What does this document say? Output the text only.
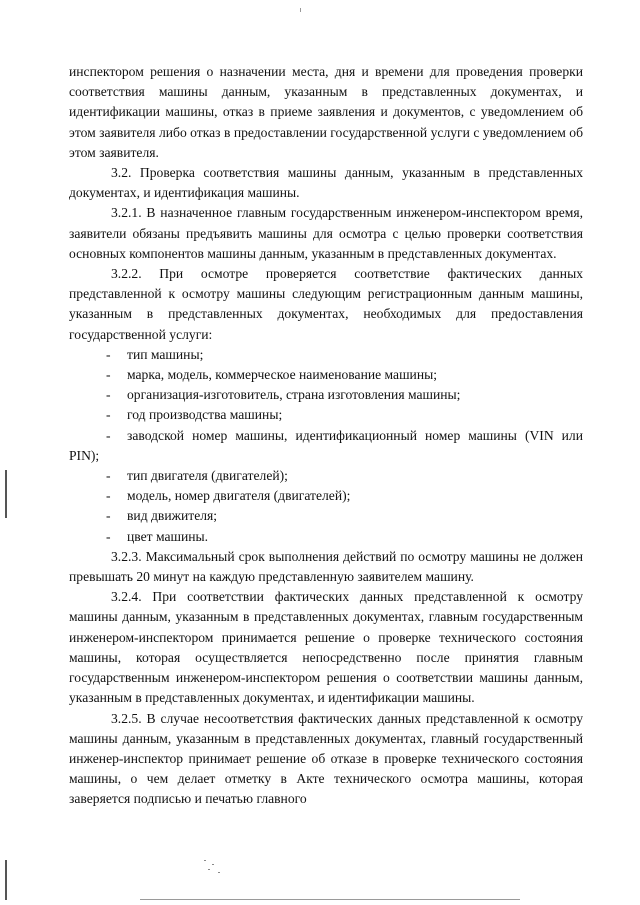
инспектором решения о назначении места, дня и времени для проведения проверки соответствия машины данным, указанным в представленных документах, и идентификации машины, отказ в приеме заявления и документов, с уведомлением об этом заявителя либо отказ в предоставлении государственной услуги с уведомлением об этом заявителя.

3.2. Проверка соответствия машины данным, указанным в представленных документах, и идентификация машины.

3.2.1. В назначенное главным государственным инженером-инспектором время, заявители обязаны предъявить машины для осмотра с целью проверки соответствия основных компонентов машины данным, указанным в представленных документах.

3.2.2. При осмотре проверяется соответствие фактических данных представленной к осмотру машины следующим регистрационным данным машины, указанным в представленных документах, необходимых для предоставления государственной услуги:

- тип машины;
- марка, модель, коммерческое наименование машины;
- организация-изготовитель, страна изготовления машины;
- год производства машины;
- заводской номер машины, идентификационный номер машины (VIN или PIN);
- тип двигателя (двигателей);
- модель, номер двигателя (двигателей);
- вид движителя;
- цвет машины.

3.2.3. Максимальный срок выполнения действий по осмотру машины не должен превышать 20 минут на каждую представленную заявителем машину.

3.2.4. При соответствии фактических данных представленной к осмотру машины данным, указанным в представленных документах, главным государственным инженером-инспектором принимается решение о проверке технического состояния машины, которая осуществляется непосредственно после принятия главным государственным инженером-инспектором решения о соответствии машины данным, указанным в представленных документах, и идентификации машины.

3.2.5. В случае несоответствия фактических данных представленной к осмотру машины данным, указанным в представленных документах, главный государственный инженер-инспектор принимает решение об отказе в проверке технического состояния машины, о чем делает отметку в Акте технического осмотра машины, которая заверяется подписью и печатью главного
